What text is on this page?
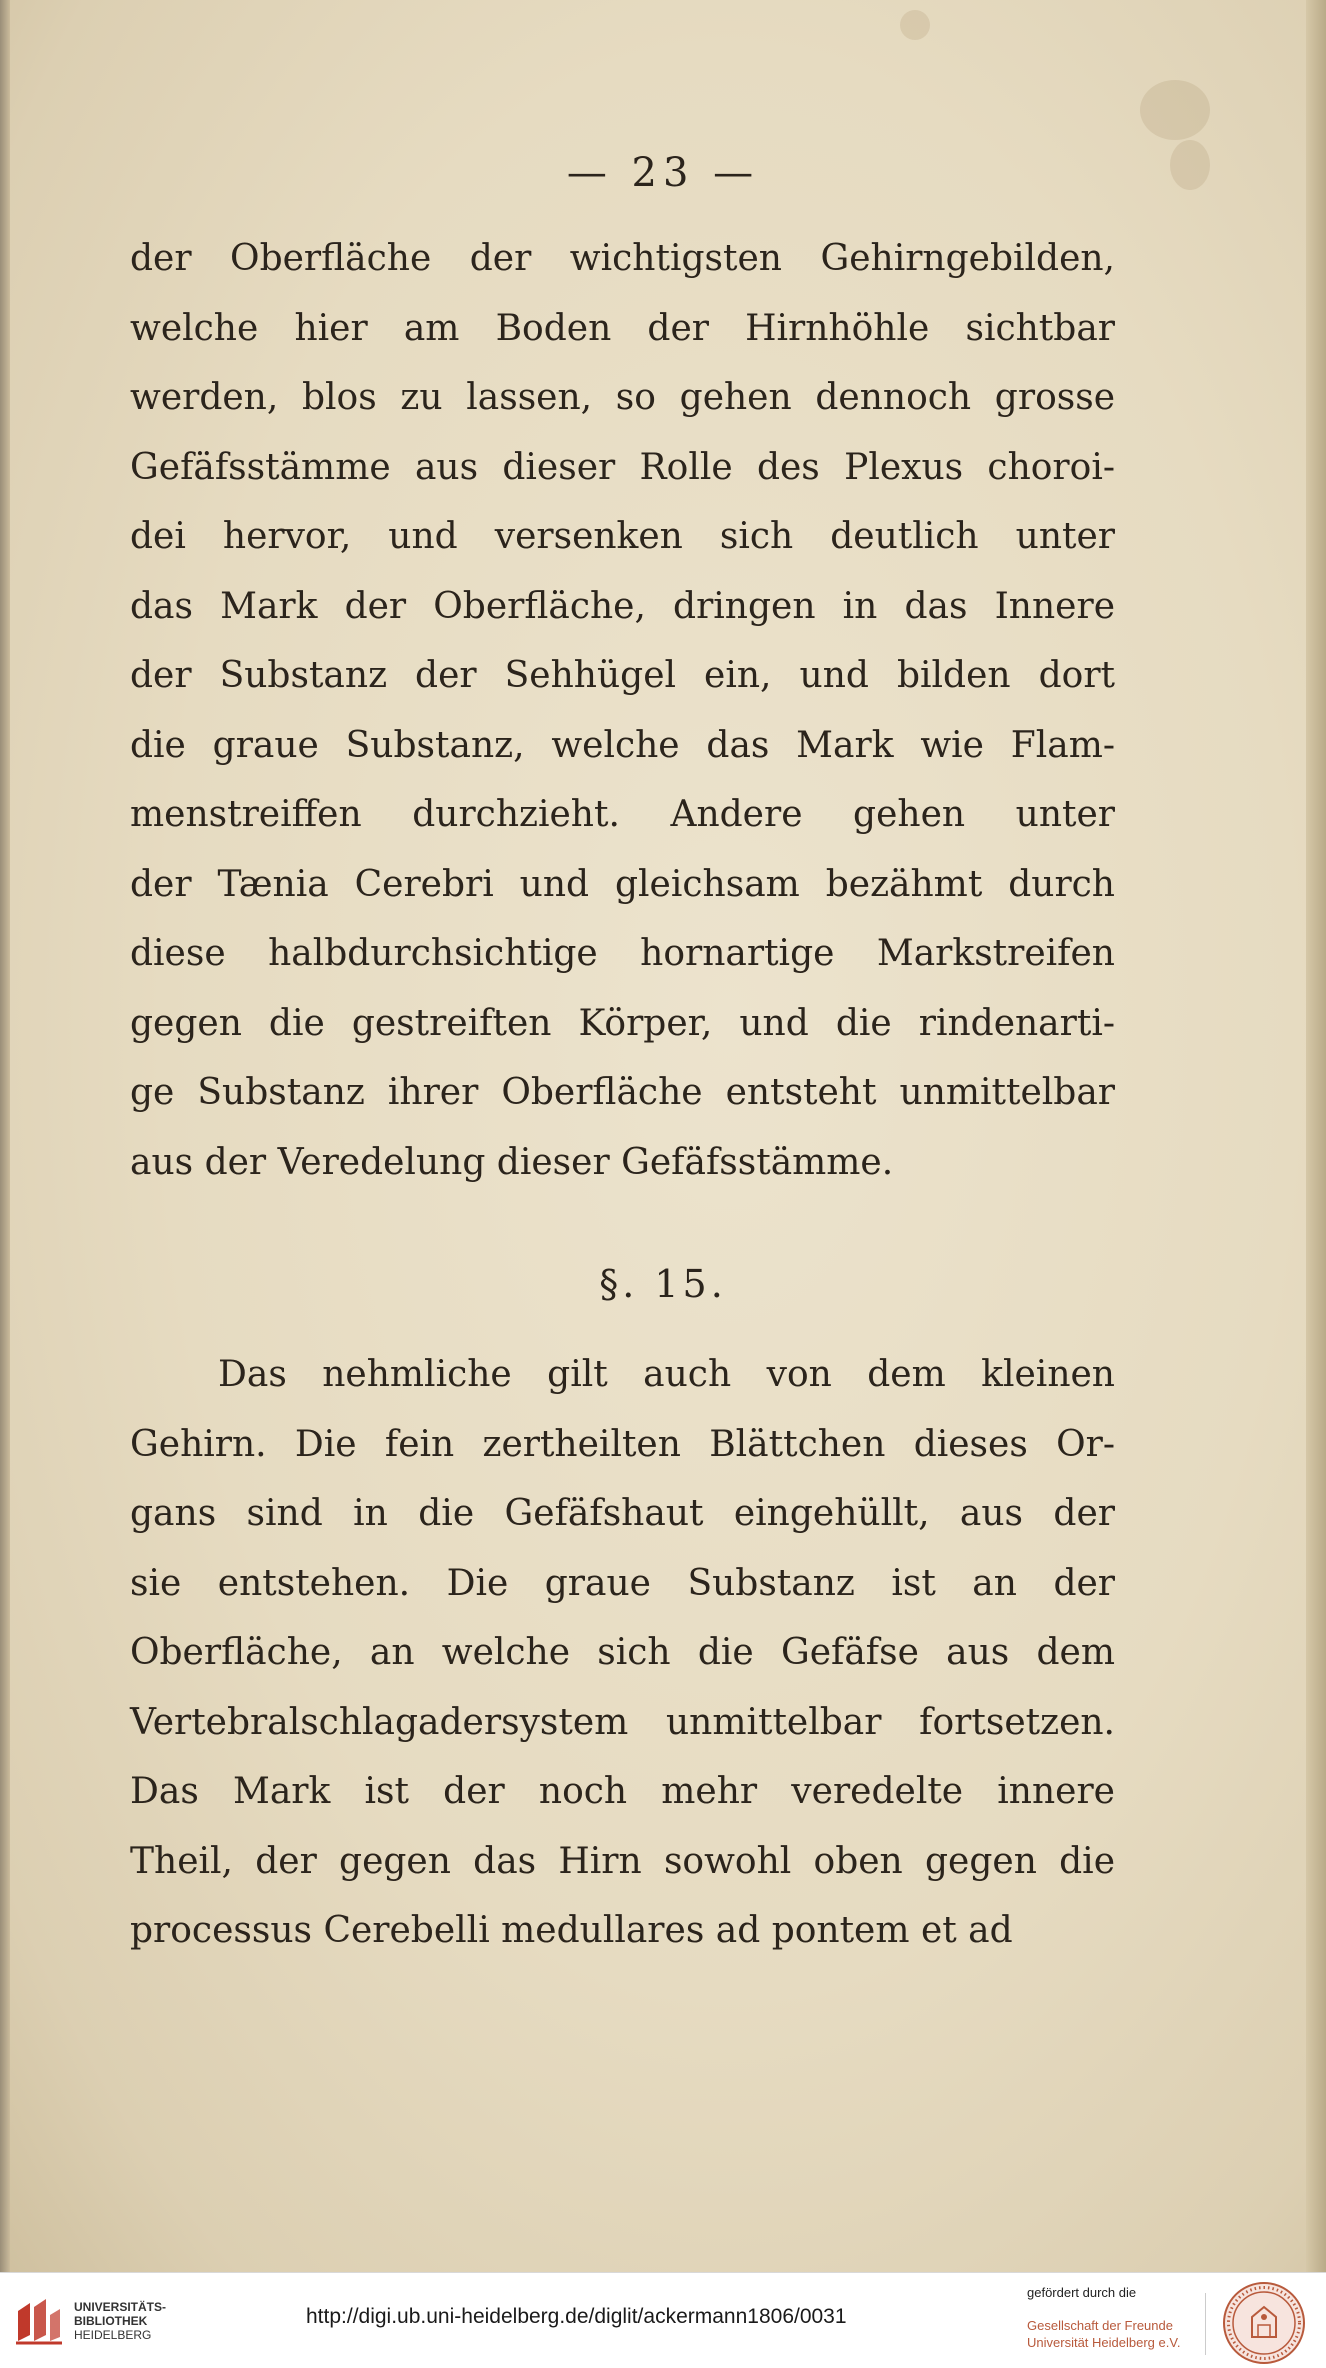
— 23 —
der Oberfläche der wichtigsten Gehirngebilden,
welche hier am Boden der Hirnhöhle sichtbar
werden, blos zu lassen, so gehen dennoch grosse
Gefäfsstämme aus dieser Rolle des Plexus choroi-
dei hervor, und versenken sich deutlich unter
das Mark der Oberfläche, dringen in das Innere
der Substanz der Sehhügel ein, und bilden dort
die graue Substanz, welche das Mark wie Flam-
menstreiffen durchzieht. Andere gehen unter
der Tænia Cerebri und gleichsam bezähmt durch
diese halbdurchsichtige hornartige Markstreifen
gegen die gestreiften Körper, und die rindenarti-
ge Substanz ihrer Oberfläche entsteht unmittelbar
aus der Veredelung dieser Gefäfsstämme.
§. 15.
Das nehmliche gilt auch von dem kleinen
Gehirn. Die fein zertheilten Blättchen dieses Or-
gans sind in die Gefäfshaut eingehüllt, aus der
sie entstehen. Die graue Substanz ist an der
Oberfläche, an welche sich die Gefäfse aus dem
Vertebralschlagadersystem unmittelbar fortsetzen.
Das Mark ist der noch mehr veredelte innere
Theil, der gegen das Hirn sowohl oben gegen die
processus Cerebelli medullares ad pontem et ad
UNIVERSITÄTS-
BIBLIOTHEK
HEIDELBERG
http://digi.ub.uni-heidelberg.de/diglit/ackermann1806/0031
gefördert durch die
Gesellschaft der Freunde
Universität Heidelberg e.V.
